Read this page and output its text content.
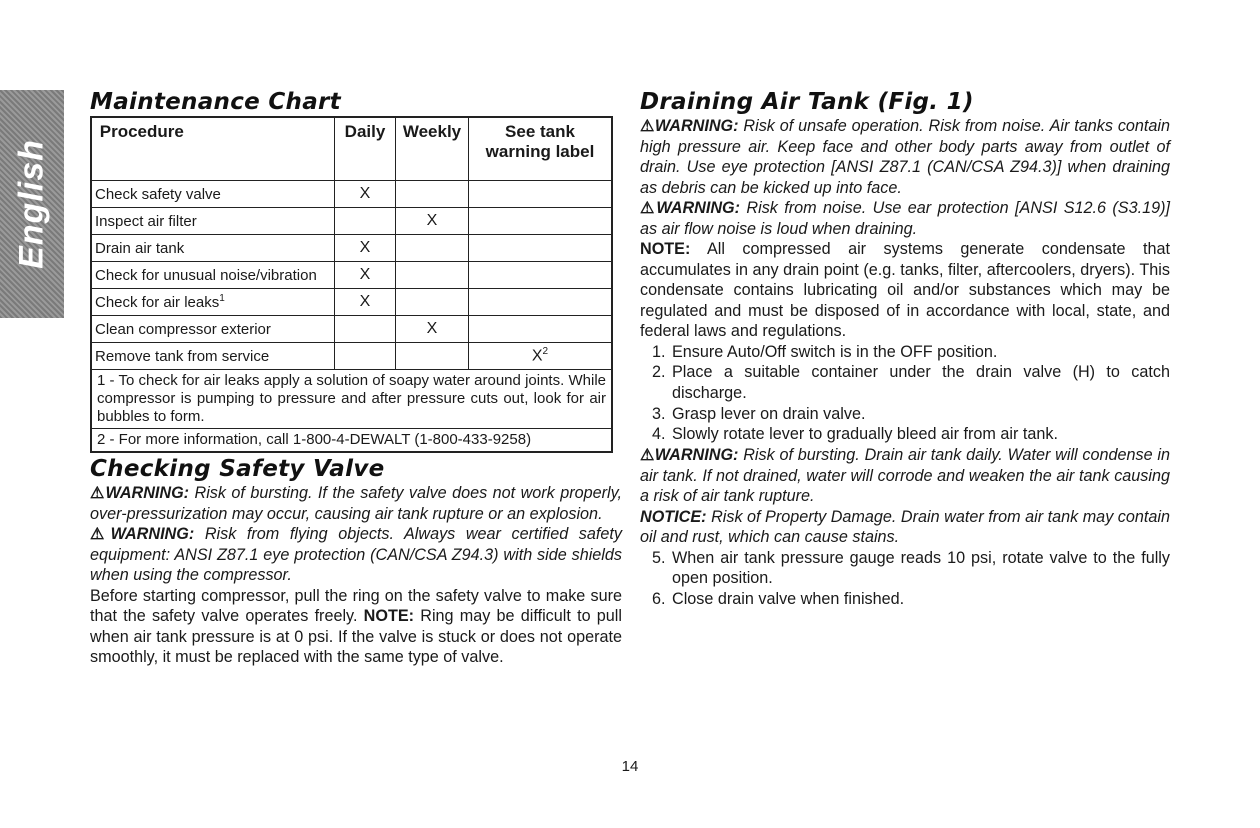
English
Maintenance Chart
Procedure	Daily	Weekly	See tank warning label
Check safety valve	X		
Inspect air filter		X	
Drain air tank	X		
Check for unusual noise/vibration	X		
Check for air leaks$^1$	X		
Clean compressor exterior		X	
Remove tank from service			$X^2$
1 - To check for air leaks apply a solution of soapy water around joints. While compressor is pumping to pressure and after pressure cuts out, look for air bubbles to form.			
2 - For more information, call 1-800-4-DEWALT (1-800-433-9258)			
Checking Safety Valve

⚠WARNING: Risk of bursting. If the safety valve does not work properly, over-pressurization may occur, causing air tank rupture or an explosion.

⚠WARNING: Risk from flying objects. Always wear certified safety equipment: ANSI Z87.1 eye protection (CAN/CSA Z94.3) with side shields when using the compressor.

Before starting compressor, pull the ring on the safety valve to make sure that the safety valve operates freely. NOTE: Ring may be difficult to pull when air tank pressure is at 0 psi. If the valve is stuck or does not operate smoothly, it must be replaced with the same type of valve.

Draining Air Tank (Fig. 1)

⚠WARNING: Risk of unsafe operation. Risk from noise. Air tanks contain high pressure air. Keep face and other body parts away from outlet of drain. Use eye protection [ANSI Z87.1 (CAN/CSA Z94.3)] when draining as debris can be kicked up into face.

⚠WARNING: Risk from noise. Use ear protection [ANSI S12.6 (S3.19)] as air flow noise is loud when draining.

NOTE: All compressed air systems generate condensate that accumulates in any drain point (e.g. tanks, filter, aftercoolers, dryers). This condensate contains lubricating oil and/or substances which may be regulated and must be disposed of in accordance with local, state, and federal laws and regulations.

1. Ensure Auto/Off switch is in the OFF position.
2. Place a suitable container under the drain valve (H) to catch discharge.
3. Grasp lever on drain valve.
4. Slowly rotate lever to gradually bleed air from air tank.

⚠WARNING: Risk of bursting. Drain air tank daily. Water will condense in air tank. If not drained, water will corrode and weaken the air tank causing a risk of air tank rupture.

NOTICE: Risk of Property Damage. Drain water from air tank may contain oil and rust, which can cause stains.

5. When air tank pressure gauge reads 10 psi, rotate valve to the fully open position.
6. Close drain valve when finished.
14
